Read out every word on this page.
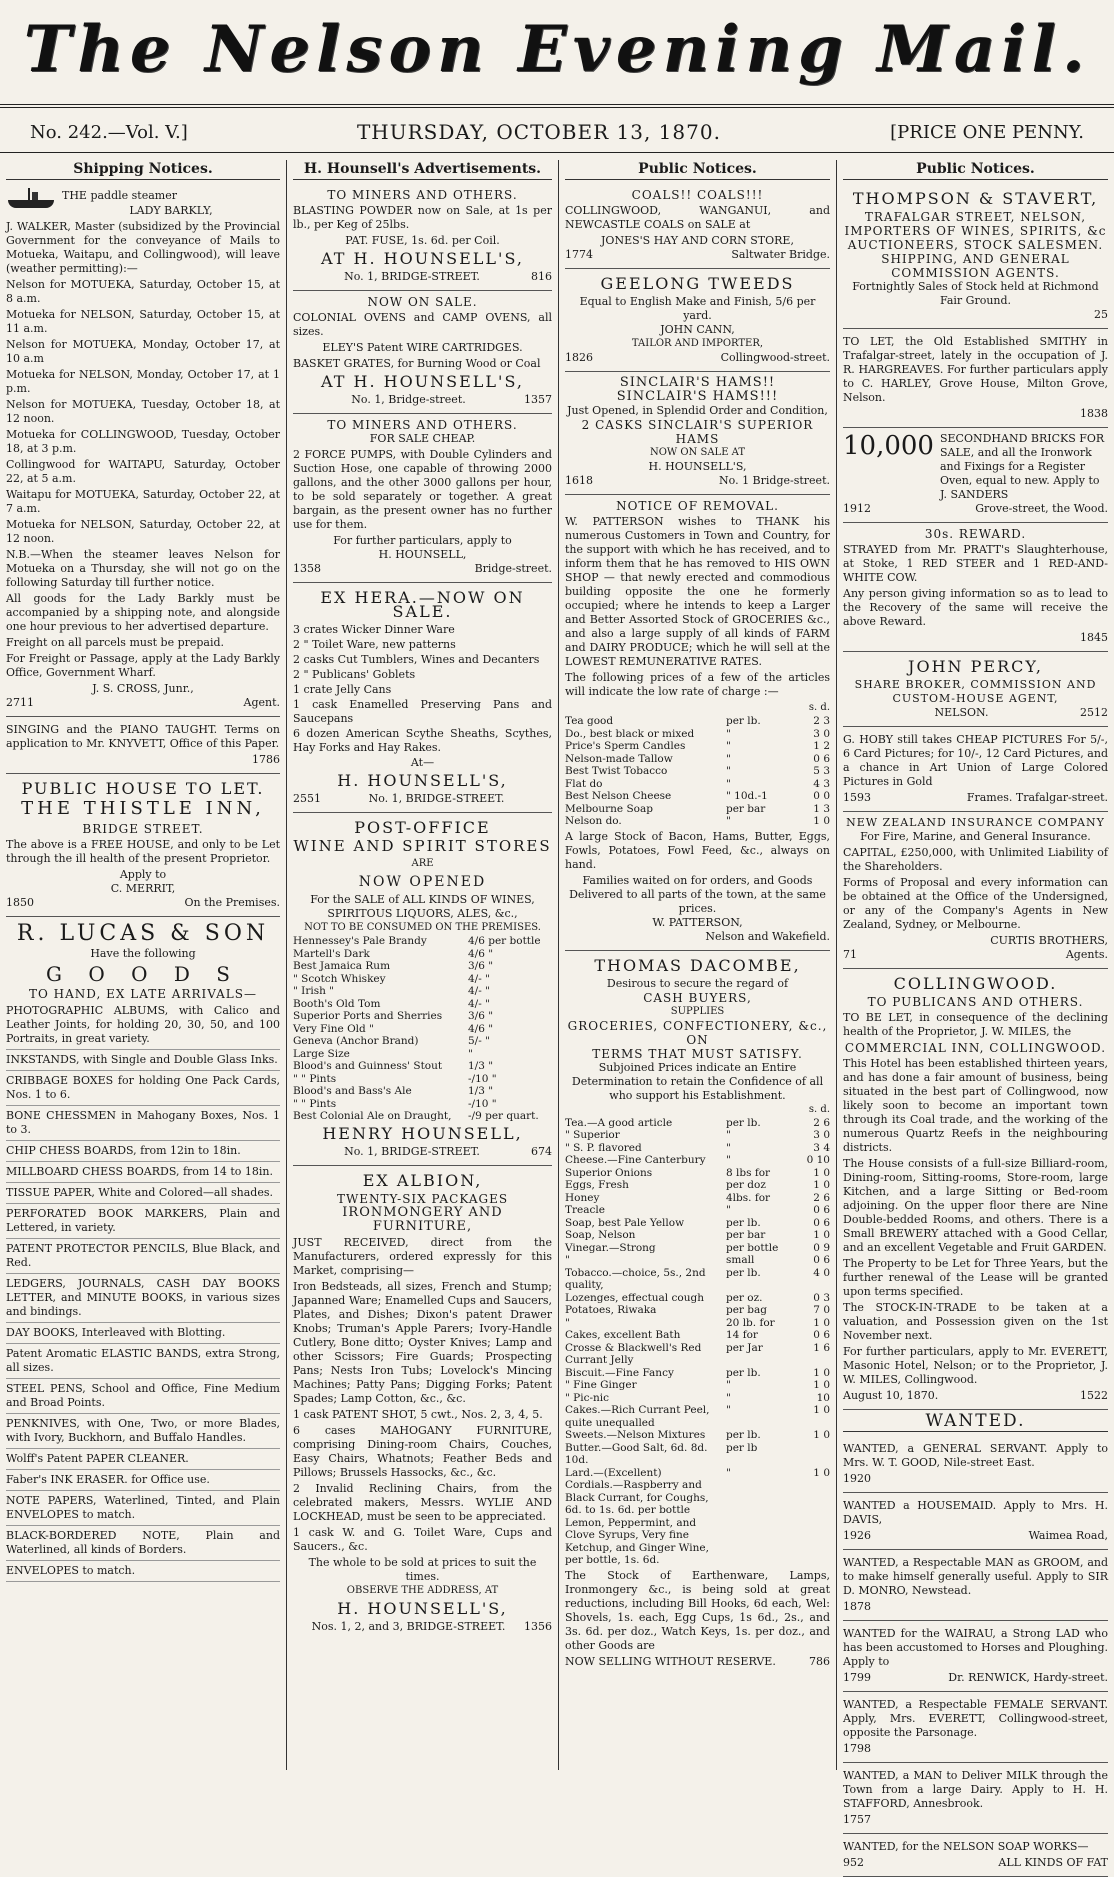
The Nelson Evening Mail.
No. 242.—Vol. V.]	THURSDAY, OCTOBER 13, 1870.	[PRICE ONE PENNY.
Shipping Notices.
THE paddle steamer
LADY BARKLY,

J. WALKER, Master (subsidized by the Provincial Government for the conveyance of Mails to Motueka, Waitapu, and Collingwood), will leave (weather permitting):—

Nelson for MOTUEKA, Saturday, October 15, at 8 a.m.

Motueka for NELSON, Saturday, October 15, at 11 a.m.

Nelson for MOTUEKA, Monday, October 17, at 10 a.m

Motueka for NELSON, Monday, October 17, at 1 p.m.

Nelson for MOTUEKA, Tuesday, October 18, at 12 noon.

Motueka for COLLINGWOOD, Tuesday, October 18, at 3 p.m.

Collingwood for WAITAPU, Saturday, October 22, at 5 a.m.

Waitapu for MOTUEKA, Saturday, October 22, at 7 a.m.

Motueka for NELSON, Saturday, October 22, at 12 noon.

N.B.—When the steamer leaves Nelson for Motueka on a Thursday, she will not go on the following Saturday till further notice.

All goods for the Lady Barkly must be accompanied by a shipping note, and alongside one hour previous to her advertised departure.

Freight on all parcels must be prepaid.

For Freight or Passage, apply at the Lady Barkly Office, Government Wharf.

J. S. CROSS, Junr.,
2711	Agent.

SINGING and the PIANO TAUGHT. Terms on application to Mr. KNYVETT, Office of this Paper.

1786
PUBLIC HOUSE TO LET.
THE THISTLE INN,
BRIDGE STREET.

The above is a FREE HOUSE, and only to be Let through the ill health of the present Proprietor.

Apply to
C. MERRIT,
1850	On the Premises.
R. LUCAS & SON
Have the following
G O O D S
TO HAND, EX LATE ARRIVALS—

PHOTOGRAPHIC ALBUMS, with Calico and Leather Joints, for holding 20, 30, 50, and 100 Portraits, in great variety.

INKSTANDS, with Single and Double Glass Inks.

CRIBBAGE BOXES for holding One Pack Cards, Nos. 1 to 6.

BONE CHESSMEN in Mahogany Boxes, Nos. 1 to 3.

CHIP CHESS BOARDS, from 12in to 18in.

MILLBOARD CHESS BOARDS, from 14 to 18in.

TISSUE PAPER, White and Colored—all shades.

PERFORATED BOOK MARKERS, Plain and Lettered, in variety.

PATENT PROTECTOR PENCILS, Blue Black, and Red.

LEDGERS, JOURNALS, CASH DAY BOOKS LETTER, and MINUTE BOOKS, in various sizes and bindings.

DAY BOOKS, Interleaved with Blotting.

Patent Aromatic ELASTIC BANDS, extra Strong, all sizes.

STEEL PENS, School and Office, Fine Medium and Broad Points.

PENKNIVES, with One, Two, or more Blades, with Ivory, Buckhorn, and Buffalo Handles.

Wolff's Patent PAPER CLEANER.

Faber's INK ERASER. for Office use.

NOTE PAPERS, Waterlined, Tinted, and Plain ENVELOPES to match.

BLACK-BORDERED NOTE, Plain and Waterlined, all kinds of Borders.

ENVELOPES to match.

H. Hounsell's Advertisements.
TO MINERS AND OTHERS.

BLASTING POWDER now on Sale, at 1s per lb., per Keg of 25lbs.

PAT. FUSE, 1s. 6d. per Coil.
AT H. HOUNSELL'S,
No. 1, BRIDGE-STREET.	816
NOW ON SALE.

COLONIAL OVENS and CAMP OVENS, all sizes.

ELEY'S Patent WIRE CARTRIDGES.

BASKET GRATES, for Burning Wood or Coal

AT H. HOUNSELL'S,
No. 1, Bridge-street.	1357
TO MINERS AND OTHERS.
FOR SALE CHEAP.

2 FORCE PUMPS, with Double Cylinders and Suction Hose, one capable of throwing 2000 gallons, and the other 3000 gallons per hour, to be sold separately or together. A great bargain, as the present owner has no further use for them.

For further particulars, apply to
H. HOUNSELL,
1358	Bridge-street.
EX HERA.—NOW ON SALE.

3 crates Wicker Dinner Ware

2 " Toilet Ware, new patterns

2 casks Cut Tumblers, Wines and Decanters

2 " Publicans' Goblets

1 crate Jelly Cans

1 cask Enamelled Preserving Pans and Saucepans

6 dozen American Scythe Sheaths, Scythes, Hay Forks and Hay Rakes.

At—
H. HOUNSELL'S,
2551	No. 1, BRIDGE-STREET.
POST-OFFICE
WINE AND SPIRIT STORES
ARE
NOW OPENED
For the SALE of ALL KINDS OF WINES, SPIRITOUS LIQUORS, ALES, &c.,
NOT TO BE CONSUMED ON THE PREMISES.
Hennessey's Pale Brandy	4/6 per bottle
Martell's Dark	4/6 "
Best Jamaica Rum	3/6 "
" Scotch Whiskey	4/- "
" Irish "	4/- "
Booth's Old Tom	4/- "
Superior Ports and Sherries	3/6 "
Very Fine Old "	4/6 "
Geneva (Anchor Brand)	5/- "
Large Size	"
Blood's and Guinness' Stout	1/3 "
" " Pints	-/10 "
Blood's and Bass's Ale	1/3 "
" " Pints	-/10 "
Best Colonial Ale on Draught,	-/9 per quart.
HENRY HOUNSELL,
No. 1, BRIDGE-STREET.	674
EX ALBION,
TWENTY-SIX PACKAGES
IRONMONGERY AND FURNITURE,

JUST RECEIVED, direct from the Manufacturers, ordered expressly for this Market, comprising—

Iron Bedsteads, all sizes, French and Stump; Japanned Ware; Enamelled Cups and Saucers, Plates, and Dishes; Dixon's patent Drawer Knobs; Truman's Apple Parers; Ivory-Handle Cutlery, Bone ditto; Oyster Knives; Lamp and other Scissors; Fire Guards; Prospecting Pans; Nests Iron Tubs; Lovelock's Mincing Machines; Patty Pans; Digging Forks; Patent Spades; Lamp Cotton, &c., &c.

1 cask PATENT SHOT, 5 cwt., Nos. 2, 3, 4, 5.

6 cases MAHOGANY FURNITURE, comprising Dining-room Chairs, Couches, Easy Chairs, Whatnots; Feather Beds and Pillows; Brussels Hassocks, &c., &c.

2 Invalid Reclining Chairs, from the celebrated makers, Messrs. WYLIE AND LOCKHEAD, must be seen to be appreciated.

1 cask W. and G. Toilet Ware, Cups and Saucers., &c.

The whole to be sold at prices to suit the times.
OBSERVE THE ADDRESS, AT
H. HOUNSELL'S,
Nos. 1, 2, and 3, BRIDGE-STREET.	1356
Public Notices.
COALS!! COALS!!!

COLLINGWOOD, WANGANUI, and NEWCASTLE COALS on SALE at

JONES'S HAY AND CORN STORE,
1774	Saltwater Bridge.
GEELONG TWEEDS
Equal to English Make and Finish, 5/6 per yard.
JOHN CANN,
TAILOR AND IMPORTER,
1826	Collingwood-street.
SINCLAIR'S HAMS!!
SINCLAIR'S HAMS!!!
Just Opened, in Splendid Order and Condition,
2 CASKS SINCLAIR'S SUPERIOR HAMS
NOW ON SALE AT
H. HOUNSELL'S,
1618	No. 1 Bridge-street.
NOTICE OF REMOVAL.

W. PATTERSON wishes to THANK his numerous Customers in Town and Country, for the support with which he has received, and to inform them that he has removed to HIS OWN SHOP — that newly erected and commodious building opposite the one he formerly occupied; where he intends to keep a Larger and Better Assorted Stock of GROCERIES &c., and also a large supply of all kinds of FARM and DAIRY PRODUCE; which he will sell at the LOWEST REMUNERATIVE RATES.

The following prices of a few of the articles will indicate the low rate of charge :—

s. d.
Tea good	per lb.	2 3
Do., best black or mixed	"	3 0
Price's Sperm Candles	"	1 2
Nelson-made Tallow	"	0 6
Best Twist Tobacco	"	5 3
Flat do	"	4 3
Best Nelson Cheese	" 10d.-1	0 0
Melbourne Soap	per bar	1 3
Nelson do.	"	1 0

A large Stock of Bacon, Hams, Butter, Eggs, Fowls, Potatoes, Fowl Feed, &c., always on hand.

Families waited on for orders, and Goods Delivered to all parts of the town, at the same prices.
W. PATTERSON,
Nelson and Wakefield.
THOMAS DACOMBE,
Desirous to secure the regard of
CASH BUYERS,
SUPPLIES
GROCERIES, CONFECTIONERY, &c., ON
TERMS THAT MUST SATISFY.
Subjoined Prices indicate an Entire Determination to retain the Confidence of all who support his Establishment.
s. d.
Tea.—A good article	per lb.	2 6
" Superior	"	3 0
" S. P. flavored	"	3 4
Cheese.—Fine Canterbury	"	0 10
Superior Onions	8 lbs for	1 0
Eggs, Fresh	per doz	1 0
Honey	4lbs. for	2 6
Treacle	"	0 6
Soap, best Pale Yellow	per lb.	0 6
Soap, Nelson	per bar	1 0
Vinegar.—Strong	per bottle	0 9
"	small	0 6
Tobacco.—choice, 5s., 2nd quality,
per lb.	4 0
Lozenges, effectual cough	per oz.	0 3
Potatoes, Riwaka	per bag	7 0
"	20 lb. for	1 0
Cakes, excellent Bath	14 for	0 6
Crosse & Blackwell's Red Currant Jelly
per Jar	1 6
Biscuit.—Fine Fancy	per lb.	1 0
" Fine Ginger	"	1 0
" Pic-nic	"	10
Cakes.—Rich Currant Peel, quite unequalled
"	1 0
Sweets.—Nelson Mixtures	per lb.	1 0
Butter.—Good Salt, 6d. 8d. 10d.
per lb
Lard.—(Excellent)	"	1 0
Cordials.—Raspberry and Black Currant, for Coughs, 6d. to 1s. 6d. per bottle
Lemon, Peppermint, and Clove Syrups, Very fine Ketchup, and Ginger Wine, per bottle, 1s. 6d.

The Stock of Earthenware, Lamps, Ironmongery &c., is being sold at great reductions, including Bill Hooks, 6d each, Wel: Shovels, 1s. each, Egg Cups, 1s 6d., 2s., and 3s. 6d. per doz., Watch Keys, 1s. per doz., and other Goods are

NOW SELLING WITHOUT RESERVE.	786
Public Notices.
THOMPSON & STAVERT,
TRAFALGAR STREET, NELSON,
IMPORTERS OF WINES, SPIRITS, &c
AUCTIONEERS, STOCK SALESMEN.
SHIPPING, AND GENERAL COMMISSION AGENTS.
Fortnightly Sales of Stock held at Richmond Fair Ground.
25

TO LET, the Old Established SMITHY in Trafalgar-street, lately in the occupation of J. R. HARGREAVES. For further particulars apply to C. HARLEY, Grove House, Milton Grove, Nelson.

1838
10,000 SECONDHAND BRICKS FOR SALE, and all the Ironwork and Fixings for a Register Oven, equal to new. Apply to J. SANDERS
1912	Grove-street, the Wood.
30s. REWARD.

STRAYED from Mr. PRATT's Slaughterhouse, at Stoke, 1 RED STEER and 1 RED-AND-WHITE COW.

Any person giving information so as to lead to the Recovery of the same will receive the above Reward.

1845
JOHN PERCY,
SHARE BROKER, COMMISSION AND CUSTOM-HOUSE AGENT,
NELSON.	2512

G. HOBY still takes CHEAP PICTURES For 5/-, 6 Card Pictures; for 10/-, 12 Card Pictures, and a chance in Art Union of Large Colored Pictures in Gold

1593	Frames. Trafalgar-street.
NEW ZEALAND INSURANCE COMPANY
For Fire, Marine, and General Insurance.

CAPITAL, £250,000, with Unlimited Liability of the Shareholders.

Forms of Proposal and every information can be obtained at the Office of the Undersigned, or any of the Company's Agents in New Zealand, Sydney, or Melbourne.

CURTIS BROTHERS,
71	Agents.
COLLINGWOOD.
TO PUBLICANS AND OTHERS.

TO BE LET, in consequence of the declining health of the Proprietor, J. W. MILES, the

COMMERCIAL INN, COLLINGWOOD.

This Hotel has been established thirteen years, and has done a fair amount of business, being situated in the best part of Collingwood, now likely soon to become an important town through its Coal trade, and the working of the numerous Quartz Reefs in the neighbouring districts.

The House consists of a full-size Billiard-room, Dining-room, Sitting-rooms, Store-room, large Kitchen, and a large Sitting or Bed-room adjoining. On the upper floor there are Nine Double-bedded Rooms, and others. There is a Small BREWERY attached with a Good Cellar, and an excellent Vegetable and Fruit GARDEN.

The Property to be Let for Three Years, but the further renewal of the Lease will be granted upon terms specified.

The STOCK-IN-TRADE to be taken at a valuation, and Possession given on the 1st November next.

For further particulars, apply to Mr. EVERETT, Masonic Hotel, Nelson; or to the Proprietor, J. W. MILES, Collingwood.

August 10, 1870.	1522
WANTED.

WANTED, a GENERAL SERVANT. Apply to Mrs. W. T. GOOD, Nile-street East.

1920

WANTED a HOUSEMAID. Apply to Mrs. H. DAVIS,

1926	Waimea Road,

WANTED, a Respectable MAN as GROOM, and to make himself generally useful. Apply to SIR D. MONRO, Newstead.

1878

WANTED for the WAIRAU, a Strong LAD who has been accustomed to Horses and Ploughing. Apply to

1799	Dr. RENWICK, Hardy-street.

WANTED, a Respectable FEMALE SERVANT. Apply, Mrs. EVERETT, Collingwood-street, opposite the Parsonage.

1798

WANTED, a MAN to Deliver MILK through the Town from a large Dairy. Apply to H. H. STAFFORD, Annesbrook.

1757

WANTED, for the NELSON SOAP WORKS—

952	ALL KINDS OF FAT
